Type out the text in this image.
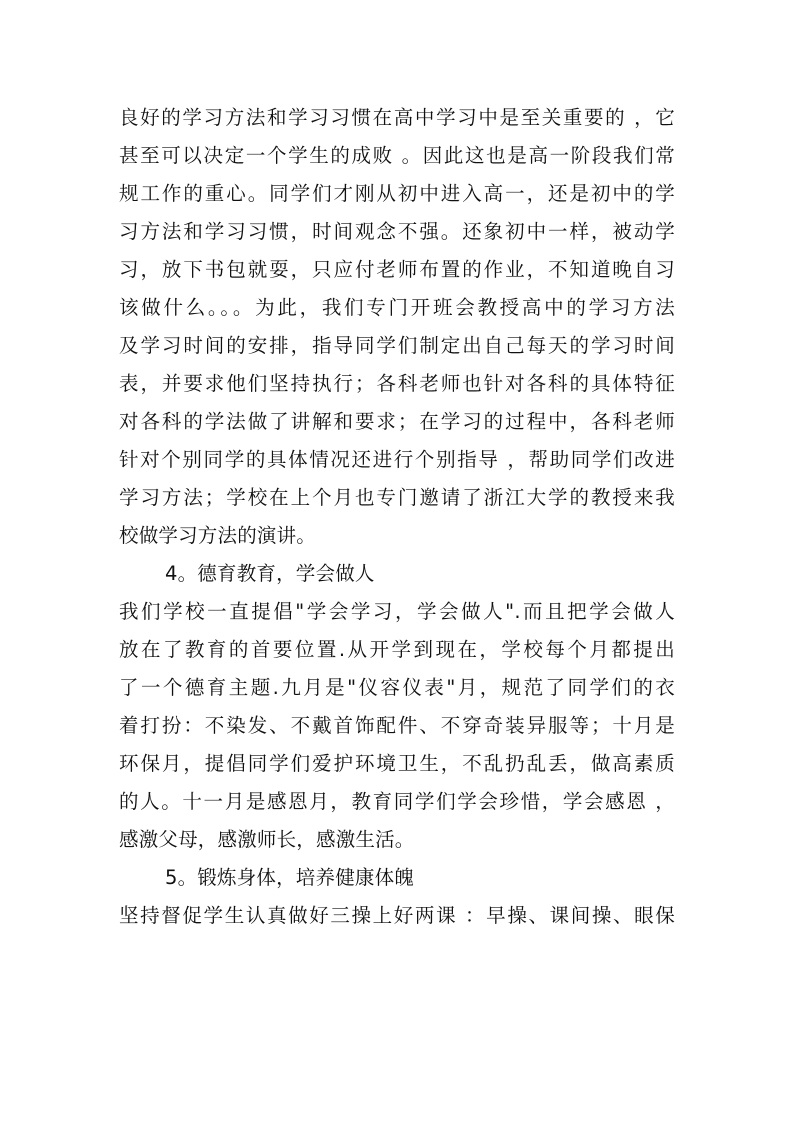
良好的学习方法和学习习惯在高中学习中是至关重要的 ，它
甚至可以决定一个学生的成败 。因此这也是高一阶段我们常
规工作的重心。同学们才刚从初中进入高一，还是初中的学
习方法和学习习惯，时间观念不强。还象初中一样，被动学
习，放下书包就耍，只应付老师布置的作业，不知道晚自习
该做什么。。。为此，我们专门开班会教授高中的学习方法
及学习时间的安排，指导同学们制定出自己每天的学习时间
表，并要求他们坚持执行；各科老师也针对各科的具体特征
对各科的学法做了讲解和要求；在学习的过程中，各科老师
针对个别同学的具体情况还进行个别指导 ，帮助同学们改进
学习方法；学校在上个月也专门邀请了浙江大学的教授来我
校做学习方法的演讲。
4。德育教育，学会做人
我们学校一直提倡"学会学习，学会做人".而且把学会做人
放在了教育的首要位置.从开学到现在，学校每个月都提出
了一个德育主题.九月是"仪容仪表"月，规范了同学们的衣
着打扮：不染发、不戴首饰配件、不穿奇装异服等；十月是
环保月，提倡同学们爱护环境卫生，不乱扔乱丢，做高素质
的人。十一月是感恩月，教育同学们学会珍惜，学会感恩 ，
感激父母，感激师长，感激生活。
5。锻炼身体，培养健康体魄
坚持督促学生认真做好三操上好两课 ：早操、课间操、眼保
